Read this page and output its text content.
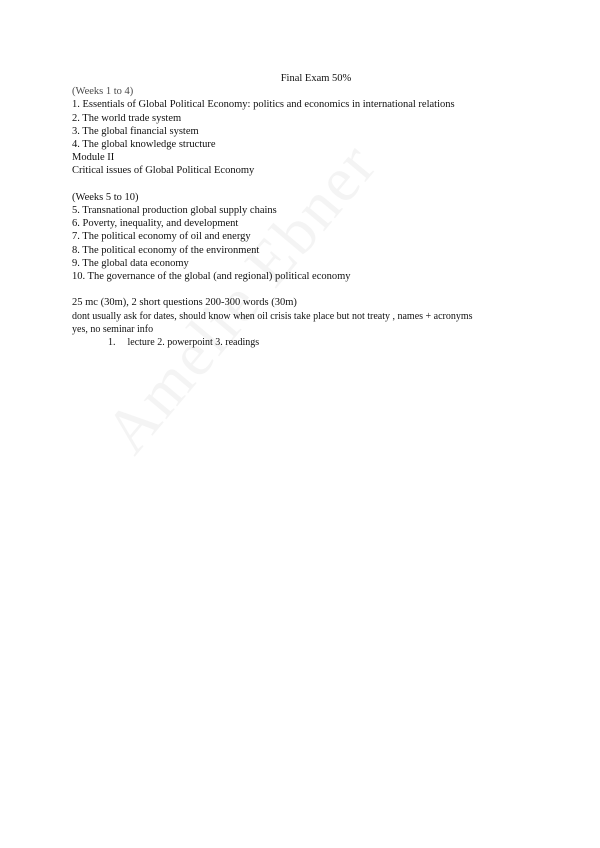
Final Exam 50%

(Weeks 1 to 4)

1. Essentials of Global Political Economy: politics and economics in international relations

2. The world trade system

3. The global financial system

4. The global knowledge structure

Module II

Critical issues of Global Political Economy

(Weeks 5 to 10)

5. Transnational production global supply chains

6. Poverty, inequality, and development

7. The political economy of oil and energy

8. The political economy of the environment

9. The global data economy

10. The governance of the global (and regional) political economy

25 mc (30m), 2 short questions 200-300 words (30m)

dont usually ask for dates, should know when oil crisis take place but not treaty , names + acronyms

yes, no seminar info

1. lecture 2. powerpoint 3. readings
